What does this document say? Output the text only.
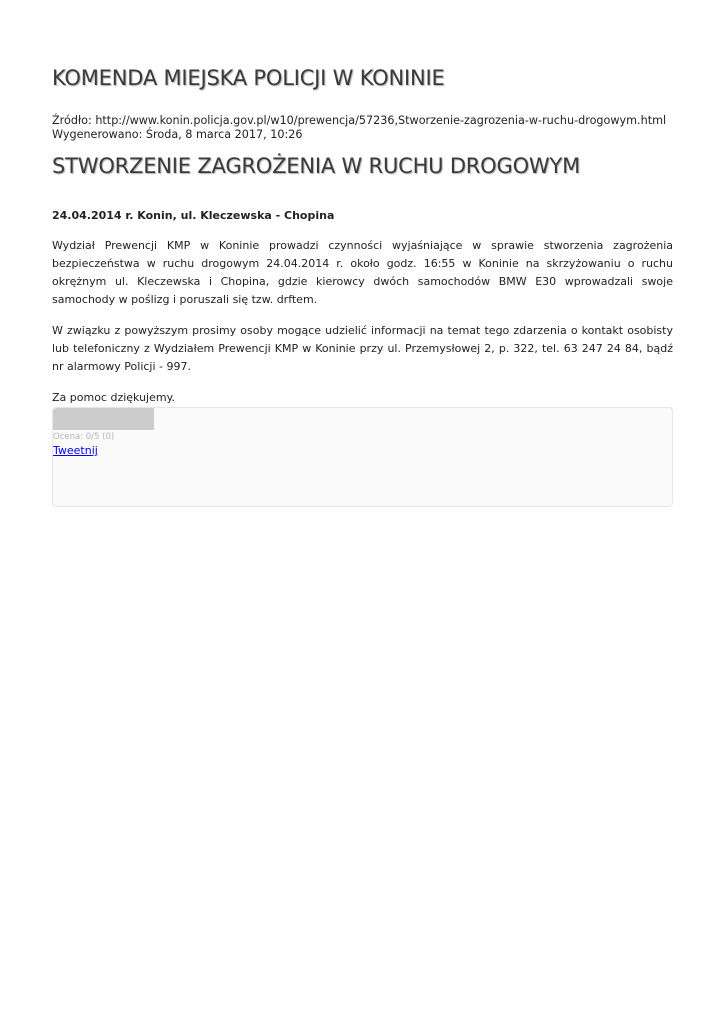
KOMENDA MIEJSKA POLICJI W KONINIE
Źródło: http://www.konin.policja.gov.pl/w10/prewencja/57236,Stworzenie-zagrozenia-w-ruchu-drogowym.html
Wygenerowano: Środa, 8 marca 2017, 10:26
STWORZENIE ZAGROŻENIA W RUCHU DROGOWYM
24.04.2014 r. Konin, ul. Kleczewska - Chopina

Wydział Prewencji KMP w Koninie prowadzi czynności wyjaśniające w sprawie stworzenia zagrożenia bezpieczeństwa w ruchu drogowym 24.04.2014 r. około godz. 16:55 w Koninie na skrzyżowaniu o ruchu okrężnym ul. Kleczewska i Chopina, gdzie kierowcy dwóch samochodów BMW E30 wprowadzali swoje samochody w poślizg i poruszali się tzw. drftem.

W związku z powyższym prosimy osoby mogące udzielić informacji na temat tego zdarzenia o kontakt osobisty lub telefoniczny z Wydziałem Prewencji KMP w Koninie przy ul. Przemysłowej 2, p. 322, tel. 63 247 24 84, bądź nr alarmowy Policji - 997.

Za pomoc dziękujemy.

Ocena: 0/5 (0)
Tweetnij
